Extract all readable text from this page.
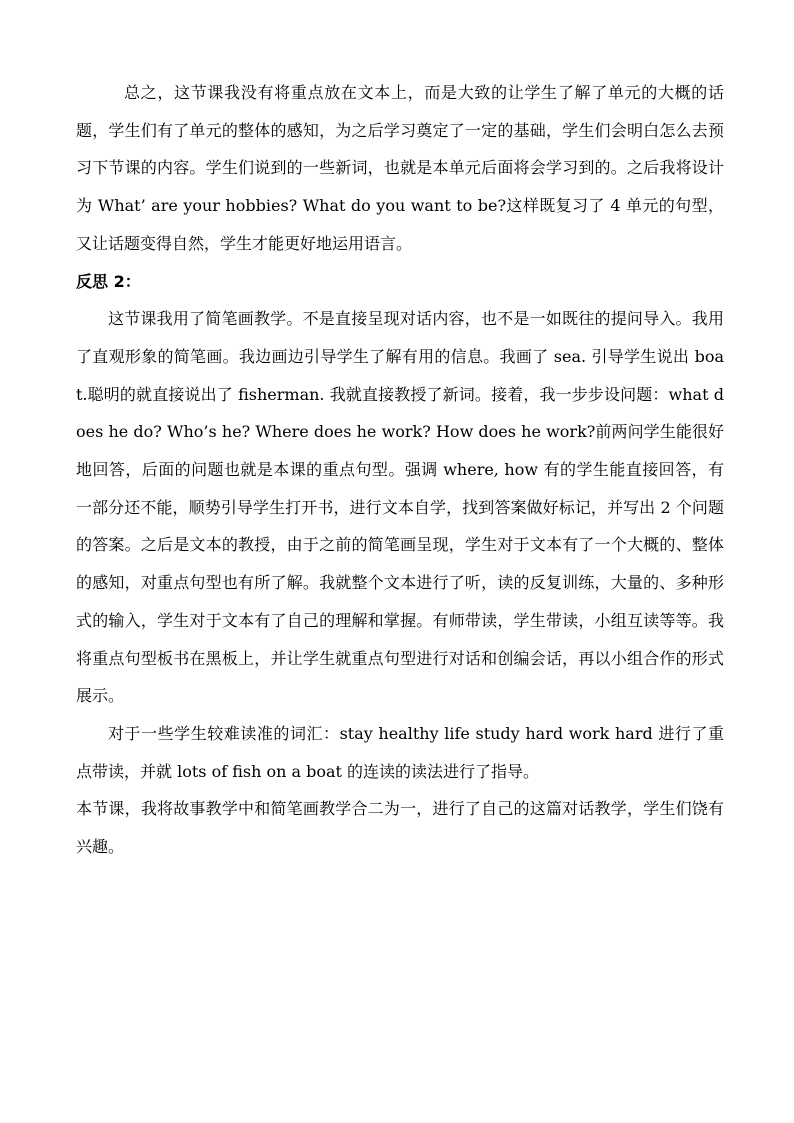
总之，这节课我没有将重点放在文本上，而是大致的让学生了解了单元的大概的话题，学生们有了单元的整体的感知，为之后学习奠定了一定的基础，学生们会明白怎么去预习下节课的内容。学生们说到的一些新词，也就是本单元后面将会学习到的。之后我将设计为 What’ are your hobbies? What do you want to be?这样既复习了 4 单元的句型，又让话题变得自然，学生才能更好地运用语言。

反思 2：

这节课我用了简笔画教学。不是直接呈现对话内容，也不是一如既往的提问导入。我用了直观形象的简笔画。我边画边引导学生了解有用的信息。我画了 sea. 引导学生说出 boat.聪明的就直接说出了 fisherman. 我就直接教授了新词。接着，我一步步设问题：what does he do? Who’s he? Where does he work? How does he work?前两问学生能很好地回答，后面的问题也就是本课的重点句型。强调 where, how 有的学生能直接回答，有一部分还不能，顺势引导学生打开书，进行文本自学，找到答案做好标记，并写出 2 个问题的答案。之后是文本的教授，由于之前的简笔画呈现，学生对于文本有了一个大概的、整体的感知，对重点句型也有所了解。我就整个文本进行了听，读的反复训练，大量的、多种形式的输入，学生对于文本有了自己的理解和掌握。有师带读，学生带读，小组互读等等。我将重点句型板书在黑板上，并让学生就重点句型进行对话和创编会话，再以小组合作的形式展示。

对于一些学生较难读准的词汇：stay healthy life study hard work hard 进行了重点带读，并就 lots of fish on a boat 的连读的读法进行了指导。

本节课，我将故事教学中和简笔画教学合二为一，进行了自己的这篇对话教学，学生们饶有兴趣。
